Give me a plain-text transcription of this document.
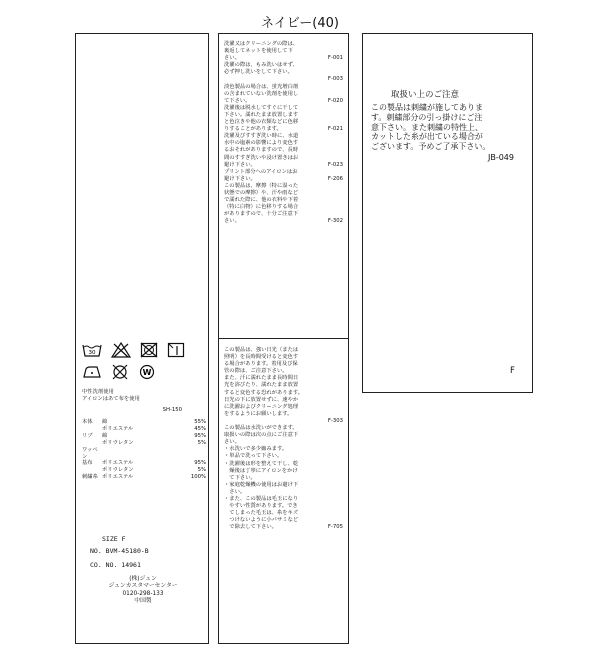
ネイビー(40)
30

W
中性洗剤使用
アイロンはあて布を使用
SH-150
本体	綿	55%
ポリエステル	45%
リブ	綿	95%
ポリウレタン	5%
ワッペン
基布	ポリエステル	95%
ポリウレタン	5%
刺繍糸 ポリエステル	100%
SIZE F
NO. BVM-45180-B
CO. NO. 14961
(株)ジュン
ジュンカスタマーセンター
0120-298-133
中国製
洗濯又はクリーニングの際は、
裏返してネットを使用して下
さい。	F-001
洗濯の際は、もみ洗いはせず、
必ず押し洗いをして下さい。

F-003
淡色製品の場合は、蛍光増白剤
の含まれていない洗剤を使用し
て下さい。	F-020
洗濯後は脱水してすぐに干して
下さい。濡れたまま放置します
と色泣きや他の衣類などに色移
りすることがあります。	F-021
洗濯及びすすぎ洗い時に、水道
水中の塩素の影響により変色す
るおそれがありますので、長時
間のすすぎ洗いや浸け置きはお
避け下さい。	F-023
プリント部分へのアイロンはお
避け下さい。	F-206
この製品は、摩擦（特に湿った
状態での摩擦）や、汗や雨など
で濡れた際に、他の衣料や下着
（特に白物）に色移りする場合
がありますので、十分ご注意下
さい。	F-302
この製品は、強い日光（または
照明）を長時間受けると変色す
る場合があります。着用及び保
管の際は、ご注意下さい。
また、汗に濡れたまま長時間日
光を浴びたり、濡れたまま放置
すると変色する恐れがあります。
日光の下に放置せずに、速やか
に洗濯およびクリーニング処理
をするようにお願いします。

F-303
この製品は水洗いができます。
取扱いの際は次の点にご注意下
さい。
・水洗いで多少縮みます。
・単品で洗って下さい。
・洗濯後は形を整えて干し、乾
　燥後は丁寧にアイロンをかけ
　て下さい。
・家庭乾燥機の使用はお避け下
　さい。
・また、この製品は毛玉になり
　やすい性質があります。でき
　てしまった毛玉は、糸をキズ
　つけないように小バサミなど
　で除去して下さい。	F-705
取扱い上のご注意
この製品は刺繍が施してありま
す。刺繍部分の引っ掛けにご注
意下さい。また刺繍の特性上、
カットした糸が出ている場合が
ございます。予めご了承下さい。
JB-049
F
